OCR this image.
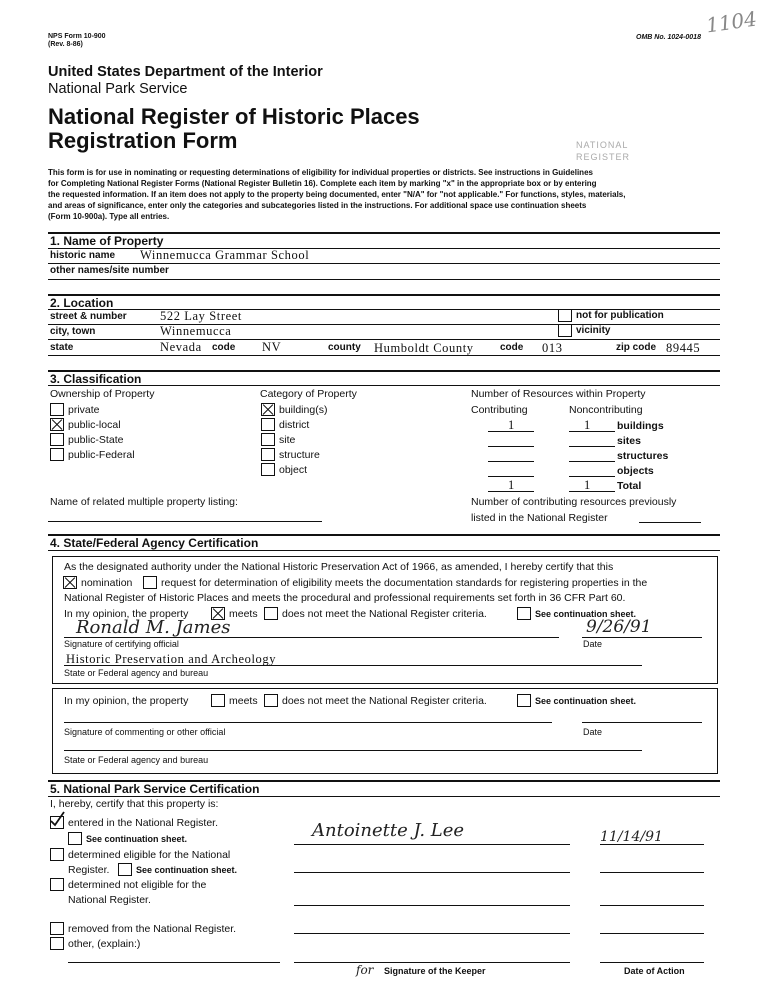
NPS Form 10-900
(Rev. 8-86)
OMB No. 1024-0018
1104
United States Department of the Interior
National Park Service
National Register of Historic Places
Registration Form	NATIONAL
REGISTER
This form is for use in nominating or requesting determinations of eligibility for individual properties or districts. See instructions in Guidelines
for Completing National Register Forms (National Register Bulletin 16). Complete each item by marking "x" in the appropriate box or by entering
the requested information. If an item does not apply to the property being documented, enter "N/A" for "not applicable." For functions, styles, materials,
and areas of significance, enter only the categories and subcategories listed in the instructions. For additional space use continuation sheets
(Form 10-900a). Type all entries.
1. Name of Property
historic name Winnemucca Grammar School
other names/site number
2. Location
street & number	522 Lay Street	not for publication
city, town	Winnemucca	vicinity
state	Nevada code NV	county Humboldt County	code 013	zip code 89445
3. Classification
Ownership of Property	Category of Property	Number of Resources within Property
private
public-local
public-State
public-Federal
building(s)
district
site
structure
object
Contributing	Noncontributing
1	1 buildings
sites
structures
objects
1	1 Total
Name of related multiple property listing:	Number of contributing resources previously
listed in the National Register
4. State/Federal Agency Certification
As the designated authority under the National Historic Preservation Act of 1966, as amended, I hereby certify that this
nomination	request for determination of eligibility meets the documentation standards for registering properties in the
National Register of Historic Places and meets the procedural and professional requirements set forth in 36 CFR Part 60.
In my opinion, the property	meets does not meet the National Register criteria.	See continuation sheet.
Ronald M. James	9/26/91
Signature of certifying official	Date
Historic Preservation and Archeology
State or Federal agency and bureau
In my opinion, the property	meets does not meet the National Register criteria.	See continuation sheet.
Signature of commenting or other official	Date
State or Federal agency and bureau
5. National Park Service Certification
I, hereby, certify that this property is:
entered in the National Register.
See continuation sheet.
determined eligible for the National
Register.	See continuation sheet.
determined not eligible for the
National Register.
removed from the National Register.
other, (explain:)
Antoinette J. Lee	11/14/91
for Signature of the Keeper	Date of Action
